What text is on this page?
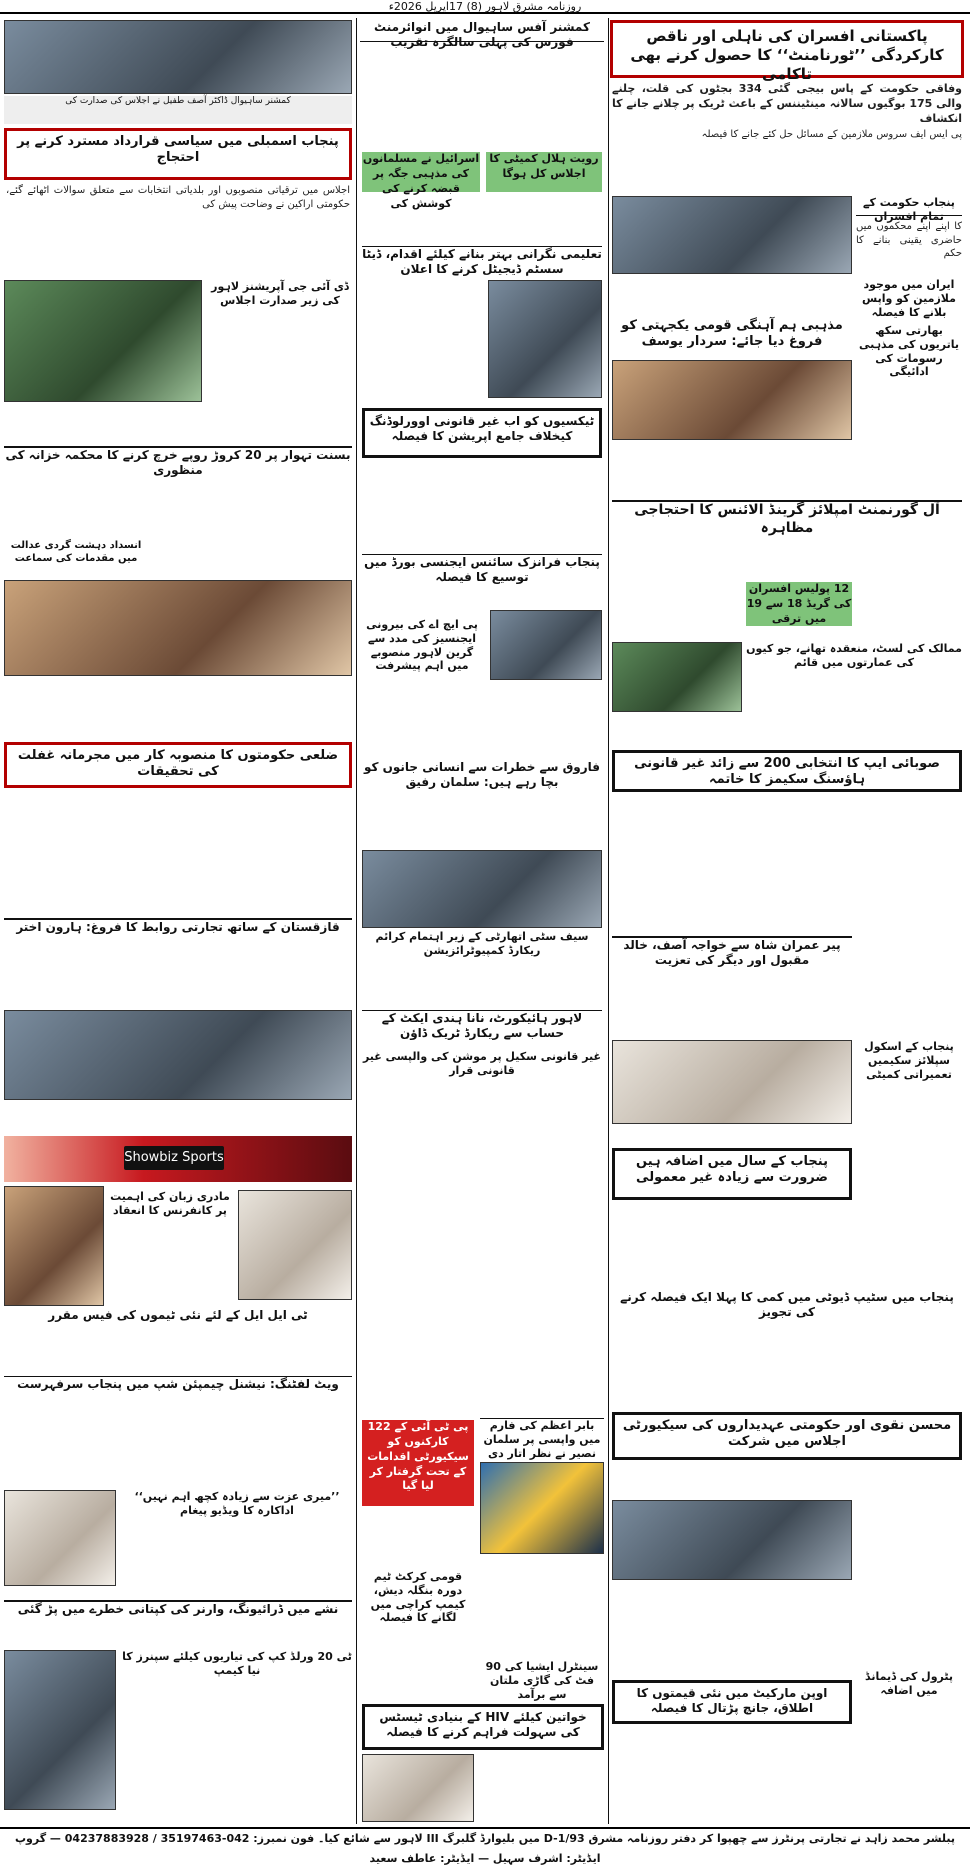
روزنامہ مشرق لاہور (8) 17اپریل 2026ء
پاکستانی افسران کی ناہلی اور ناقص کارکردگی ’’ٹورنامنٹ‘‘ کا حصول کرنے بھی تاکامی
وفاقی حکومت کے پاس بیجی گئی 334 بجٹوں کی قلت، چلنے والی 175 بوگیوں سالانہ مینٹیننس کے باعث ٹریک پر چلانے جانے کا انکشاف
پی ایس ایف سروس ملازمین کے مسائل حل کئے جانے کا فیصلہ
پنجاب حکومت کے تمام افسران
کا اپنے اپنے محکموں میں حاضری یقینی بنانے کا حکم
ایران میں موجود ملازمین کو واپس بلانے کا فیصلہ
مذہبی ہم آہنگی قومی یکجہتی کو فروغ دیا جائے: سردار یوسف
بھارتی سکھ یاتریوں کی مذہبی رسومات کی ادائیگی
آل گورنمنٹ امپلائز گرینڈ الائنس کا احتجاجی مظاہرہ
12 پولیس افسران کی گریڈ 18 سے 19 میں ترقی
ممالک کی لسٹ، منعقدہ تھانے، جو کیوں کی عمارتوں میں قائم
صوبائی ایپ کا انتخابی 200 سے زائد غیر قانونی ہاؤسنگ سکیمز کا خاتمہ
پیر عمران شاہ سے خواجہ آصف، خالد مقبول اور دیگر کی تعزیت
پنجاب کے اسکول سپلائز سکیمیں تعمیراتی کمیٹی
پنجاب کے سال میں اضافہ ہیں ضرورت سے زیادہ غیر معمولی
پنجاب میں سٹیپ ڈیوٹی میں کمی کا پہلا ایک فیصلہ کرنے کی تجویز
محسن نقوی اور حکومتی عہدیداروں کی سیکیورٹی اجلاس میں شرکت
پٹرول کی ڈیمانڈ میں اضافہ
اوپن مارکیٹ میں نئی قیمتوں کا اطلاق، جانچ پڑتال کا فیصلہ
کمشنر آفس ساہیوال میں انوائرمنٹ فورس کی پہلی سالگرہ تقریب
رویت ہلال کمیٹی کا اجلاس کل ہوگا
اسرائیل نے مسلمانوں کی مذہبی جگہ پر قبضہ کرنے کی کوشش کی
تعلیمی نگرانی بہتر بنانے کیلئے اقدام، ڈیٹا سسٹم ڈیجیٹل کرنے کا اعلان
ٹیکسیوں کو اب غیر قانونی اوورلوڈنگ کیخلاف جامع اپریشن کا فیصلہ
پنجاب فرانزک سائنس ایجنسی بورڈ میں توسیع کا فیصلہ
پی ایچ اے کی بیرونی ایجنسیز کی مدد سے گرین لاہور منصوبے میں اہم پیشرفت
فاروق سے خطرات سے انسانی جانوں کو بچا رہے ہیں: سلمان رفیق
سیف سٹی اتھارٹی کے زیر اہتمام کرائم ریکارڈ کمپیوٹرائزیشن
لاہور ہائیکورٹ، نانا ہندی ایکٹ کے حساب سے ریکارڈ ٹریک ڈاؤن
غیر قانونی سکیل پر موشن کی والپسی غیر قانونی قرار
بابر اعظم کی فارم میں واپسی پر سلمان نصیر نے نظر اتار دی
پی ٹی آئی کے 122 کارکنوں کو سیکیورٹی اقدامات کے تحت گرفتار کر لیا گیا
قومی کرکٹ ٹیم دورہ بنگلہ دیش، کیمپ کراچی میں لگانے کا فیصلہ
خواتین کیلئے HIV کے بنیادی ٹیسٹس کی سہولت فراہم کرنے کا فیصلہ
سینٹرل ایشیا کی 90 فٹ کی گاڑی ملتان سے برآمد
کمشنر ساہیوال ڈاکٹر آصف طفیل نے اجلاس کی صدارت کی
پنجاب اسمبلی میں سیاسی قرارداد مسترد کرنے پر احتجاج
اجلاس میں ترقیاتی منصوبوں اور بلدیاتی انتخابات سے متعلق سوالات اٹھائے گئے، حکومتی اراکین نے وضاحت پیش کی
ڈی آئی جی آپریشنز لاہور کی زیر صدارت اجلاس
بسنت تہوار پر 20 کروڑ روپے خرچ کرنے کا محکمہ خزانہ کی منظوری
انسداد دہشت گردی عدالت میں مقدمات کی سماعت
ضلعی حکومتوں کا منصوبہ کار میں مجرمانہ غفلت کی تحقیقات
قازقستان کے ساتھ تجارتی روابط کا فروغ: ہارون اختر
Showbiz Sports
مادری زبان کی اہمیت پر کانفرنس کا انعقاد
ٹی ایل ایل کے لئے نئی ٹیموں کی فیس مقرر
ویٹ لفٹنگ: نیشنل چیمپئن شپ میں پنجاب سرفہرست
’’میری عزت سے زیادہ کچھ اہم نہیں‘‘ اداکارہ کا ویڈیو پیغام
نشے میں ڈرائیونگ، وارنر کی کپتانی خطرے میں پڑ گئی
ٹی 20 ورلڈ کپ کی تیاریوں کیلئے سپنرز کا نیا کیمپ
پبلشر محمد زاہد نے تجارتی پرنٹرز سے چھپوا کر دفتر روزنامہ مشرق 93/D-1 میں بلیوارڈ گلبرگ III لاہور سے شائع کیا۔ فون نمبرز: 042-35197463 / 04237883928 — گروپ ایڈیٹر: اشرف سہیل — ایڈیٹر: عاطف سعید
